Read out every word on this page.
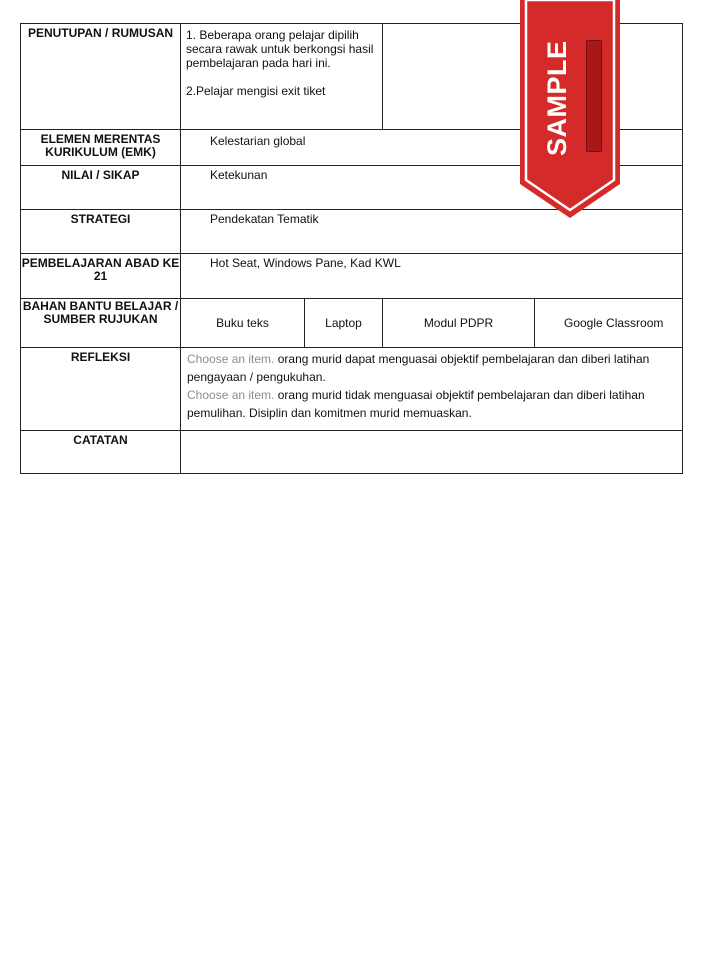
PENUTUPAN / RUMUSAN	1. Beberapa orang pelajar dipilih secara rawak untuk berkongsi hasil pembelajaran pada hari ini.

2.Pelajar mengisi exit tiket			

ELEMEN MERENTAS KURIKULUM (EMK)	Kelestarian global			
NILAI / SIKAP	Ketekunan			
STRATEGI	Pendekatan Tematik			
PEMBELAJARAN ABAD KE 21	Hot Seat, Windows Pane, Kad KWL			
BAHAN BANTU BELAJAR / SUMBER RUJUKAN	Buku teks	Laptop	Modul PDPR	Google Classroom
REFLEKSI	Choose an item. orang murid dapat menguasai objektif pembelajaran dan diberi latihan pengayaan / pengukuhan.

Choose an item. orang murid tidak menguasai objektif pembelajaran dan diberi latihan pemulihan. Disiplin dan komitmen murid memuaskan.			

CATATAN				
SAMPLE
